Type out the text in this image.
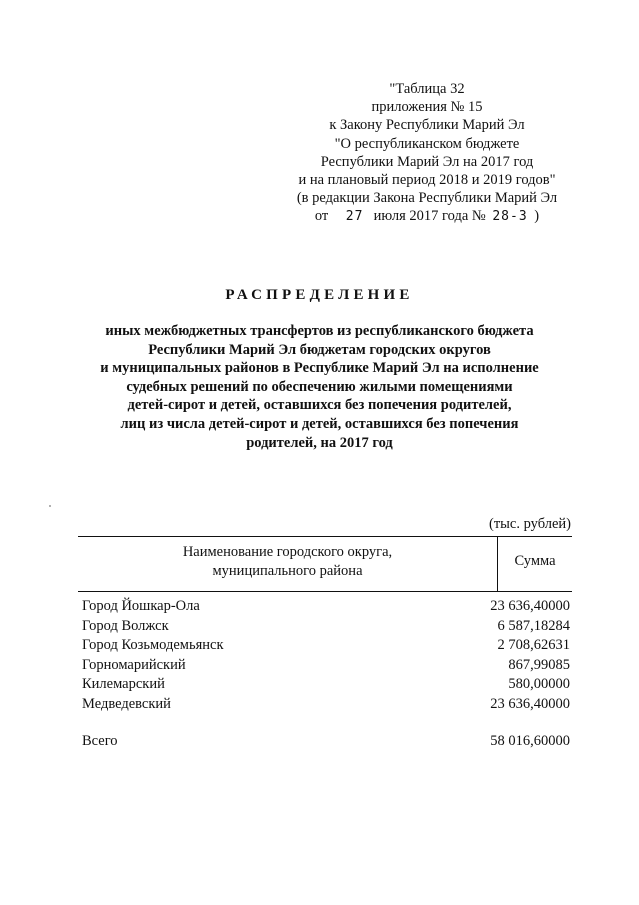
"Таблица 32
приложения № 15
к Закону Республики Марий Эл
"О республиканском бюджете
Республики Марий Эл на 2017 год
и на плановый период 2018 и 2019 годов"
(в редакции Закона Республики Марий Эл
от 27 июля 2017 года № 28-З )
РАСПРЕДЕЛЕНИЕ
иных межбюджетных трансфертов из республиканского бюджета
Республики Марий Эл бюджетам городских округов
и муниципальных районов в Республике Марий Эл на исполнение
судебных решений по обеспечению жилыми помещениями
детей-сирот и детей, оставшихся без попечения родителей,
лиц из числа детей-сирот и детей, оставшихся без попечения
родителей, на 2017 год
(тыс. рублей)
Наименование городского округа,
муниципального района
Сумма
Город Йошкар-Ола	23 636,40000
Город Волжск	6 587,18284
Город Козьмодемьянск	2 708,62631
Горномарийский	867,99085
Килемарский	580,00000
Медведевский	23 636,40000
Всего	58 016,60000
